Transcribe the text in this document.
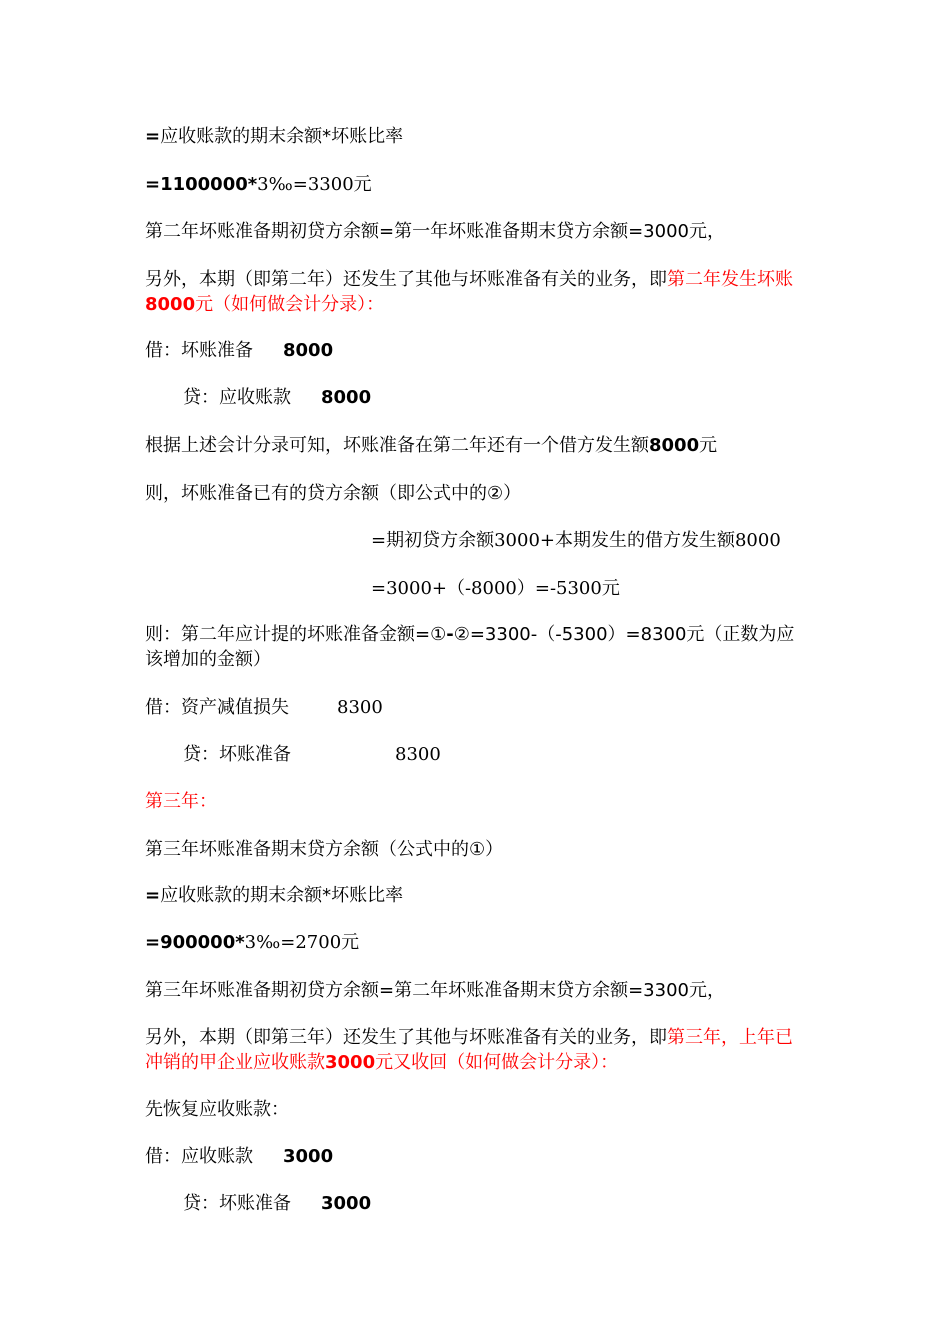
=应收账款的期末余额*坏账比率
=1100000*3‰=3300元
第二年坏账准备期初贷方余额=第一年坏账准备期末贷方余额=3000元，
另外，本期（即第二年）还发生了其他与坏账准备有关的业务，即第二年发生坏账8000元（如何做会计分录）：
借：坏账准备 8000
贷：应收账款 8000
根据上述会计分录可知，坏账准备在第二年还有一个借方发生额8000元
则，坏账准备已有的贷方余额（即公式中的②）
=期初贷方余额3000+本期发生的借方发生额8000
=3000+（-8000）=-5300元
则：第二年应计提的坏账准备金额=①-②=3300-（-5300）=8300元（正数为应该增加的金额）
借：资产减值损失	8300
贷：坏账准备	8300
第三年：
第三年坏账准备期末贷方余额（公式中的①）
=应收账款的期末余额*坏账比率
=900000*3‰=2700元
第三年坏账准备期初贷方余额=第二年坏账准备期末贷方余额=3300元，
另外，本期（即第三年）还发生了其他与坏账准备有关的业务，即第三年，上年已冲销的甲企业应收账款3000元又收回（如何做会计分录）：
先恢复应收账款：
借：应收账款 3000
贷：坏账准备 3000
